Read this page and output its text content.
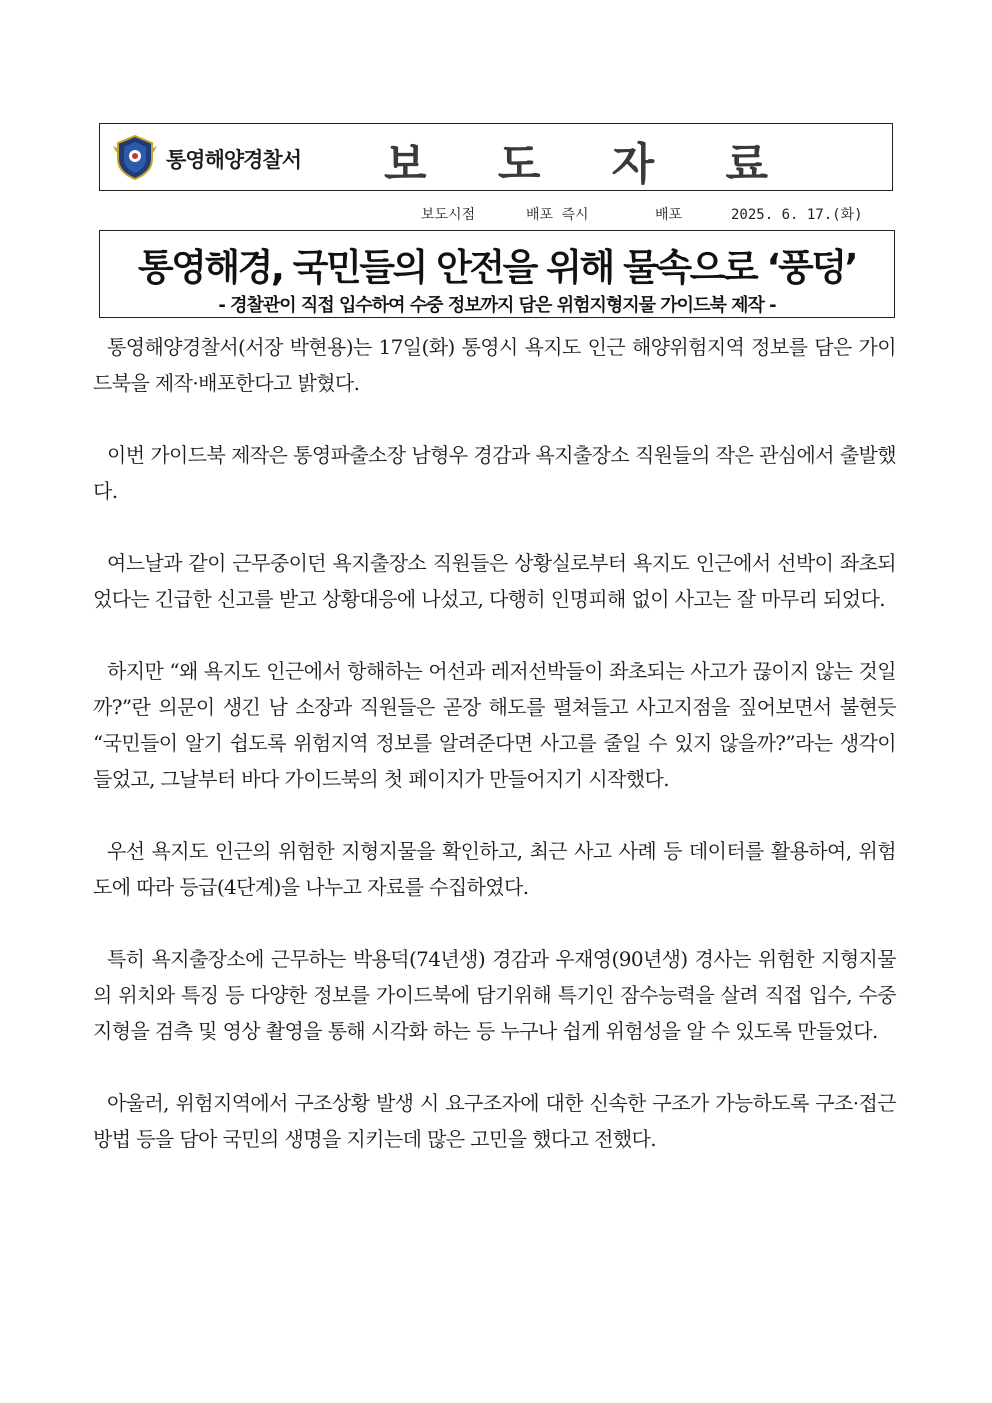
통영해양경찰서 보 도 자 료
보도시점	배포 즉시	배포	2025. 6. 17.(화)
통영해경, 국민들의 안전을 위해 물속으로 ‘풍덩’
- 경찰관이 직접 입수하여 수중 정보까지 담은 위험지형지물 가이드북 제작 -

통영해양경찰서(서장 박현용)는 17일(화) 통영시 욕지도 인근 해양위험지역 정보를 담은 가이드북을 제작·배포한다고 밝혔다.

이번 가이드북 제작은 통영파출소장 남형우 경감과 욕지출장소 직원들의 작은 관심에서 출발했다.

여느날과 같이 근무중이던 욕지출장소 직원들은 상황실로부터 욕지도 인근에서 선박이 좌초되었다는 긴급한 신고를 받고 상황대응에 나섰고, 다행히 인명피해 없이 사고는 잘 마무리 되었다.

하지만 “왜 욕지도 인근에서 항해하는 어선과 레저선박들이 좌초되는 사고가 끊이지 않는 것일까?”란 의문이 생긴 남 소장과 직원들은 곧장 해도를 펼쳐들고 사고지점을 짚어보면서 불현듯 “국민들이 알기 쉽도록 위험지역 정보를 알려준다면 사고를 줄일 수 있지 않을까?”라는 생각이 들었고, 그날부터 바다 가이드북의 첫 페이지가 만들어지기 시작했다.

우선 욕지도 인근의 위험한 지형지물을 확인하고, 최근 사고 사례 등 데이터를 활용하여, 위험도에 따라 등급(4단계)을 나누고 자료를 수집하였다.

특히 욕지출장소에 근무하는 박용덕(74년생) 경감과 우재영(90년생) 경사는 위험한 지형지물의 위치와 특징 등 다양한 정보를 가이드북에 담기위해 특기인 잠수능력을 살려 직접 입수, 수중 지형을 검측 및 영상 촬영을 통해 시각화 하는 등 누구나 쉽게 위험성을 알 수 있도록 만들었다.

아울러, 위험지역에서 구조상황 발생 시 요구조자에 대한 신속한 구조가 가능하도록 구조·접근방법 등을 담아 국민의 생명을 지키는데 많은 고민을 했다고 전했다.
